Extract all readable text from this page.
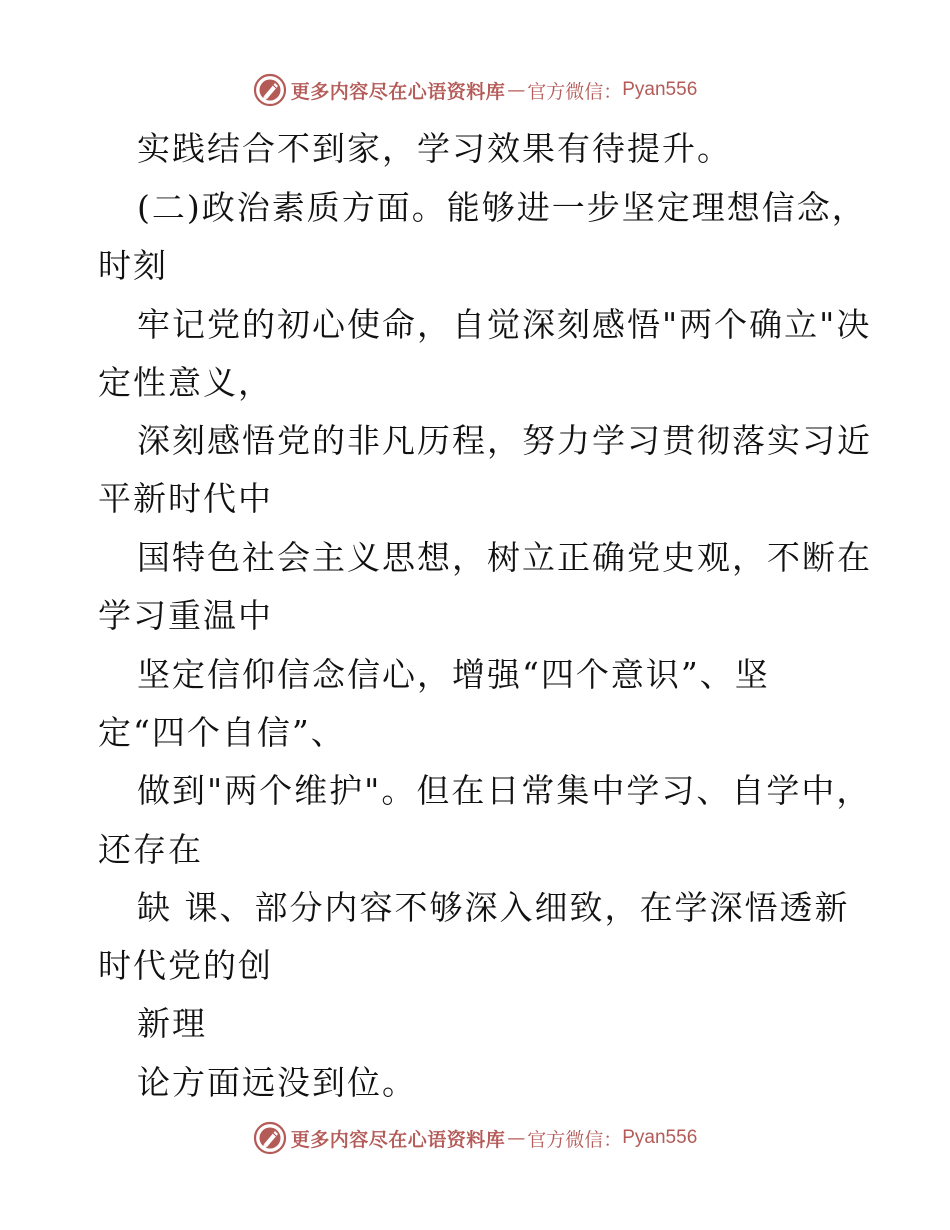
更多内容尽在心语资料库 — 官方微信： Pyan556
实践结合不到家，学习效果有待提升。
(二)政治素质方面。能够进一步坚定理想信念，
时刻
牢记党的初心使命，自觉深刻感悟"两个确立"决
定性意义，
深刻感悟党的非凡历程，努力学习贯彻落实习近
平新时代中
国特色社会主义思想，树立正确党史观，不断在
学习重温中
坚定信仰信念信心，增强“四个意识”、坚
定“四个自信”、
做到"两个维护"。但在日常集中学习、自学中，
还存在
缺 课、部分内容不够深入细致，在学深悟透新
时代党的创
新理
论方面远没到位。
更多内容尽在心语资料库 — 官方微信： Pyan556
